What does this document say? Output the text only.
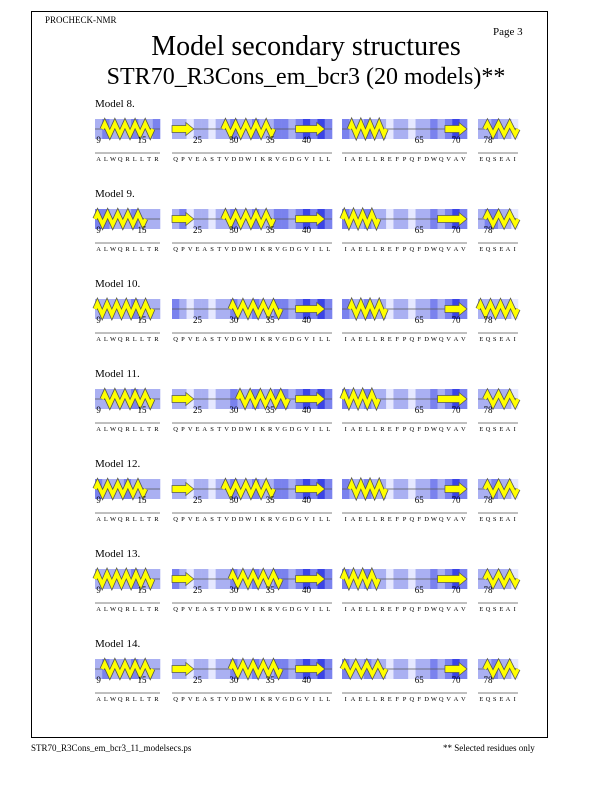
PROCHECK-NMR
Page 3
Model secondary structures
STR70_R3Cons_em_bcr3 (20 models)**
Model 8.
9	15
A L W Q R L L T R
25	30	35	40
Q P V E A S T V D D W I K R V G D G V I L L
65	70
I A E L L R E F P Q F D W Q V A V
78
E Q S E A I
Model 9.
9	15
A L W Q R L L T R
25	30	35	40
Q P V E A S T V D D W I K R V G D G V I L L
65	70
I A E L L R E F P Q F D W Q V A V
78
E Q S E A I
Model 10.
9	15
A L W Q R L L T R
25	30	35	40
Q P V E A S T V D D W I K R V G D G V I L L
65	70
I A E L L R E F P Q F D W Q V A V
78
E Q S E A I
Model 11.
9	15
A L W Q R L L T R
25	30	35	40
Q P V E A S T V D D W I K R V G D G V I L L
65	70
I A E L L R E F P Q F D W Q V A V
78
E Q S E A I
Model 12.
9	15
A L W Q R L L T R
25	30	35	40
Q P V E A S T V D D W I K R V G D G V I L L
65	70
I A E L L R E F P Q F D W Q V A V
78
E Q S E A I
Model 13.
9	15
A L W Q R L L T R
25	30	35	40
Q P V E A S T V D D W I K R V G D G V I L L
65	70
I A E L L R E F P Q F D W Q V A V
78
E Q S E A I
Model 14.
9	15
A L W Q R L L T R
25	30	35	40
Q P V E A S T V D D W I K R V G D G V I L L
65	70
I A E L L R E F P Q F D W Q V A V
78
E Q S E A I
STR70_R3Cons_em_bcr3_11_modelsecs.ps	** Selected residues only
